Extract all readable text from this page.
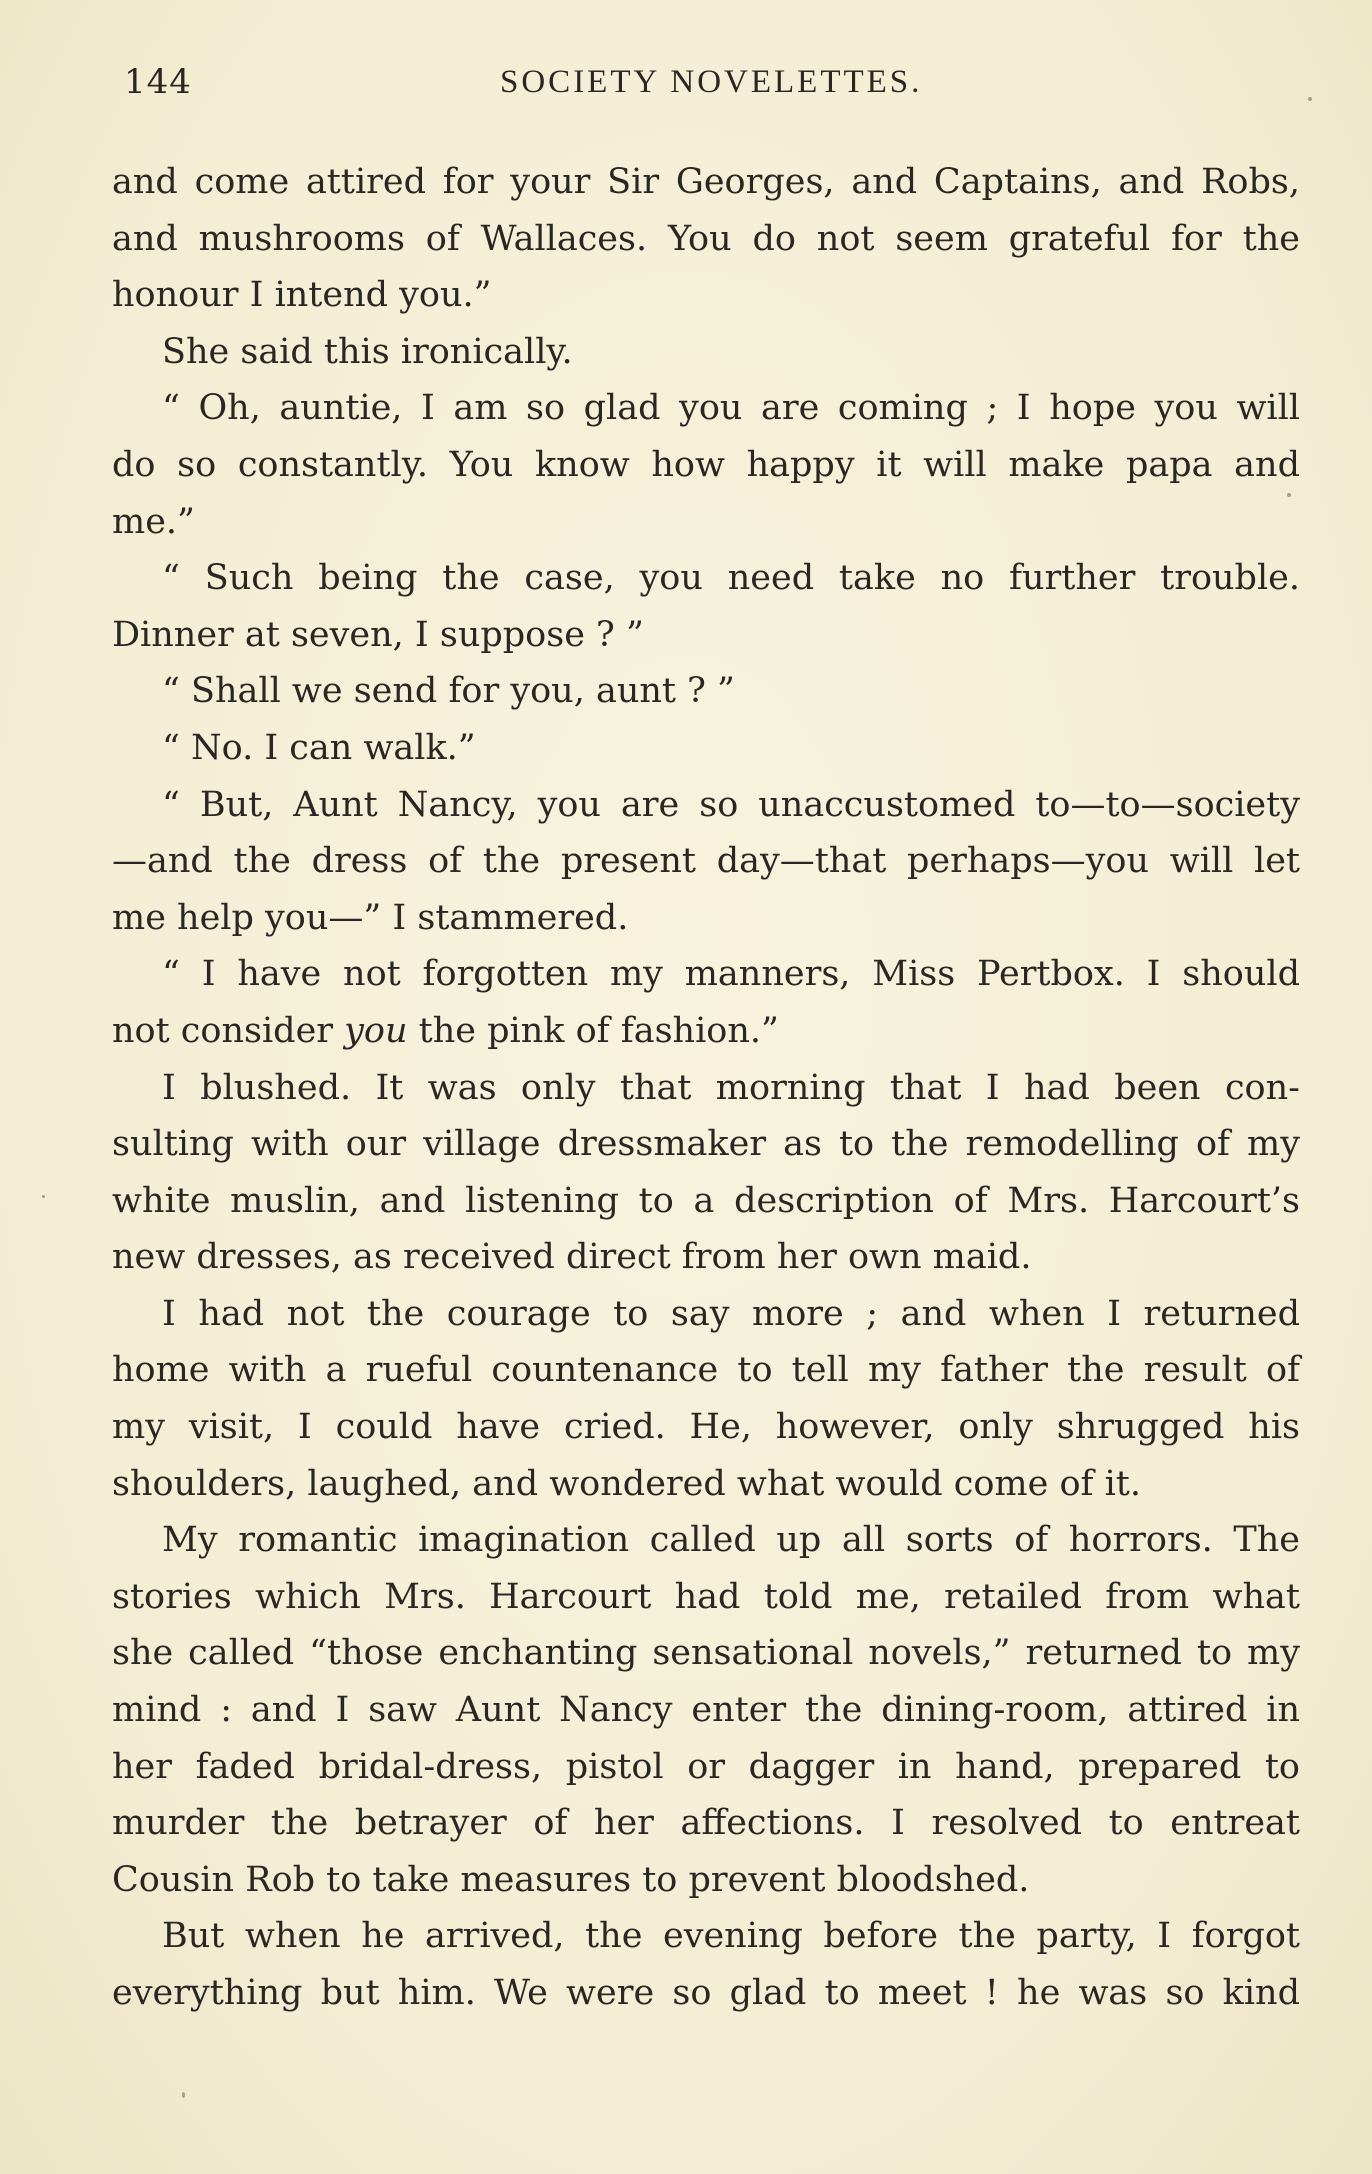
144	SOCIETY NOVELETTES.
and come attired for your Sir Georges, and Captains, and Robs,
and mushrooms of Wallaces. You do not seem grateful for the
honour I intend you.”
She said this ironically.
“ Oh, auntie, I am so glad you are coming ; I hope you will
do so constantly. You know how happy it will make papa and
me.”
“ Such being the case, you need take no further trouble.
Dinner at seven, I suppose ? ”
“ Shall we send for you, aunt ? ”
“ No. I can walk.”
“ But, Aunt Nancy, you are so unaccustomed to—to—society
—and the dress of the present day—that perhaps—you will let
me help you—” I stammered.
“ I have not forgotten my manners, Miss Pertbox. I should
not consider you the pink of fashion.”
I blushed. It was only that morning that I had been con-
sulting with our village dressmaker as to the remodelling of my
white muslin, and listening to a description of Mrs. Harcourt’s
new dresses, as received direct from her own maid.
I had not the courage to say more ; and when I returned
home with a rueful countenance to tell my father the result of
my visit, I could have cried. He, however, only shrugged his
shoulders, laughed, and wondered what would come of it.
My romantic imagination called up all sorts of horrors. The
stories which Mrs. Harcourt had told me, retailed from what
she called “those enchanting sensational novels,” returned to my
mind : and I saw Aunt Nancy enter the dining-room, attired in
her faded bridal-dress, pistol or dagger in hand, prepared to
murder the betrayer of her affections. I resolved to entreat
Cousin Rob to take measures to prevent bloodshed.
But when he arrived, the evening before the party, I forgot
everything but him. We were so glad to meet ! he was so kind
